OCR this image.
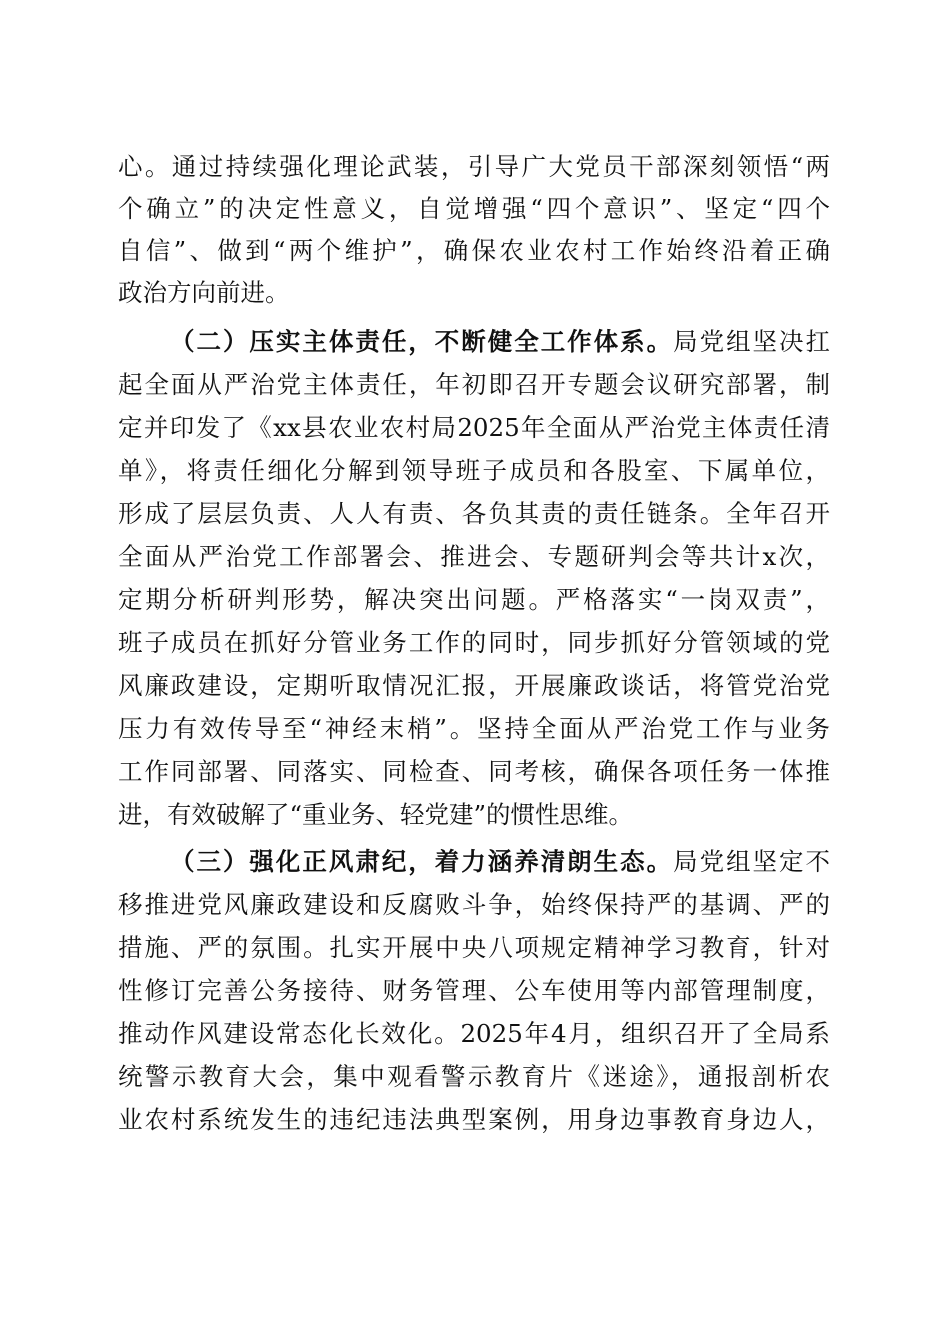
心。通过持续强化理论武装，引导广大党员干部深刻领悟“两
个确立”的决定性意义，自觉增强“四个意识”、坚定“四个
自信”、做到“两个维护”，确保农业农村工作始终沿着正确
政治方向前进。
（二）压实主体责任，不断健全工作体系。局党组坚决扛
起全面从严治党主体责任，年初即召开专题会议研究部署，制
定并印发了《xx县农业农村局2025年全面从严治党主体责任清
单》，将责任细化分解到领导班子成员和各股室、下属单位，
形成了层层负责、人人有责、各负其责的责任链条。全年召开
全面从严治党工作部署会、推进会、专题研判会等共计x次，
定期分析研判形势，解决突出问题。严格落实“一岗双责”，
班子成员在抓好分管业务工作的同时，同步抓好分管领域的党
风廉政建设，定期听取情况汇报，开展廉政谈话，将管党治党
压力有效传导至“神经末梢”。坚持全面从严治党工作与业务
工作同部署、同落实、同检查、同考核，确保各项任务一体推
进，有效破解了“重业务、轻党建”的惯性思维。
（三）强化正风肃纪，着力涵养清朗生态。局党组坚定不
移推进党风廉政建设和反腐败斗争，始终保持严的基调、严的
措施、严的氛围。扎实开展中央八项规定精神学习教育，针对
性修订完善公务接待、财务管理、公车使用等内部管理制度，
推动作风建设常态化长效化。2025年4月，组织召开了全局系
统警示教育大会，集中观看警示教育片《迷途》，通报剖析农
业农村系统发生的违纪违法典型案例，用身边事教育身边人，
